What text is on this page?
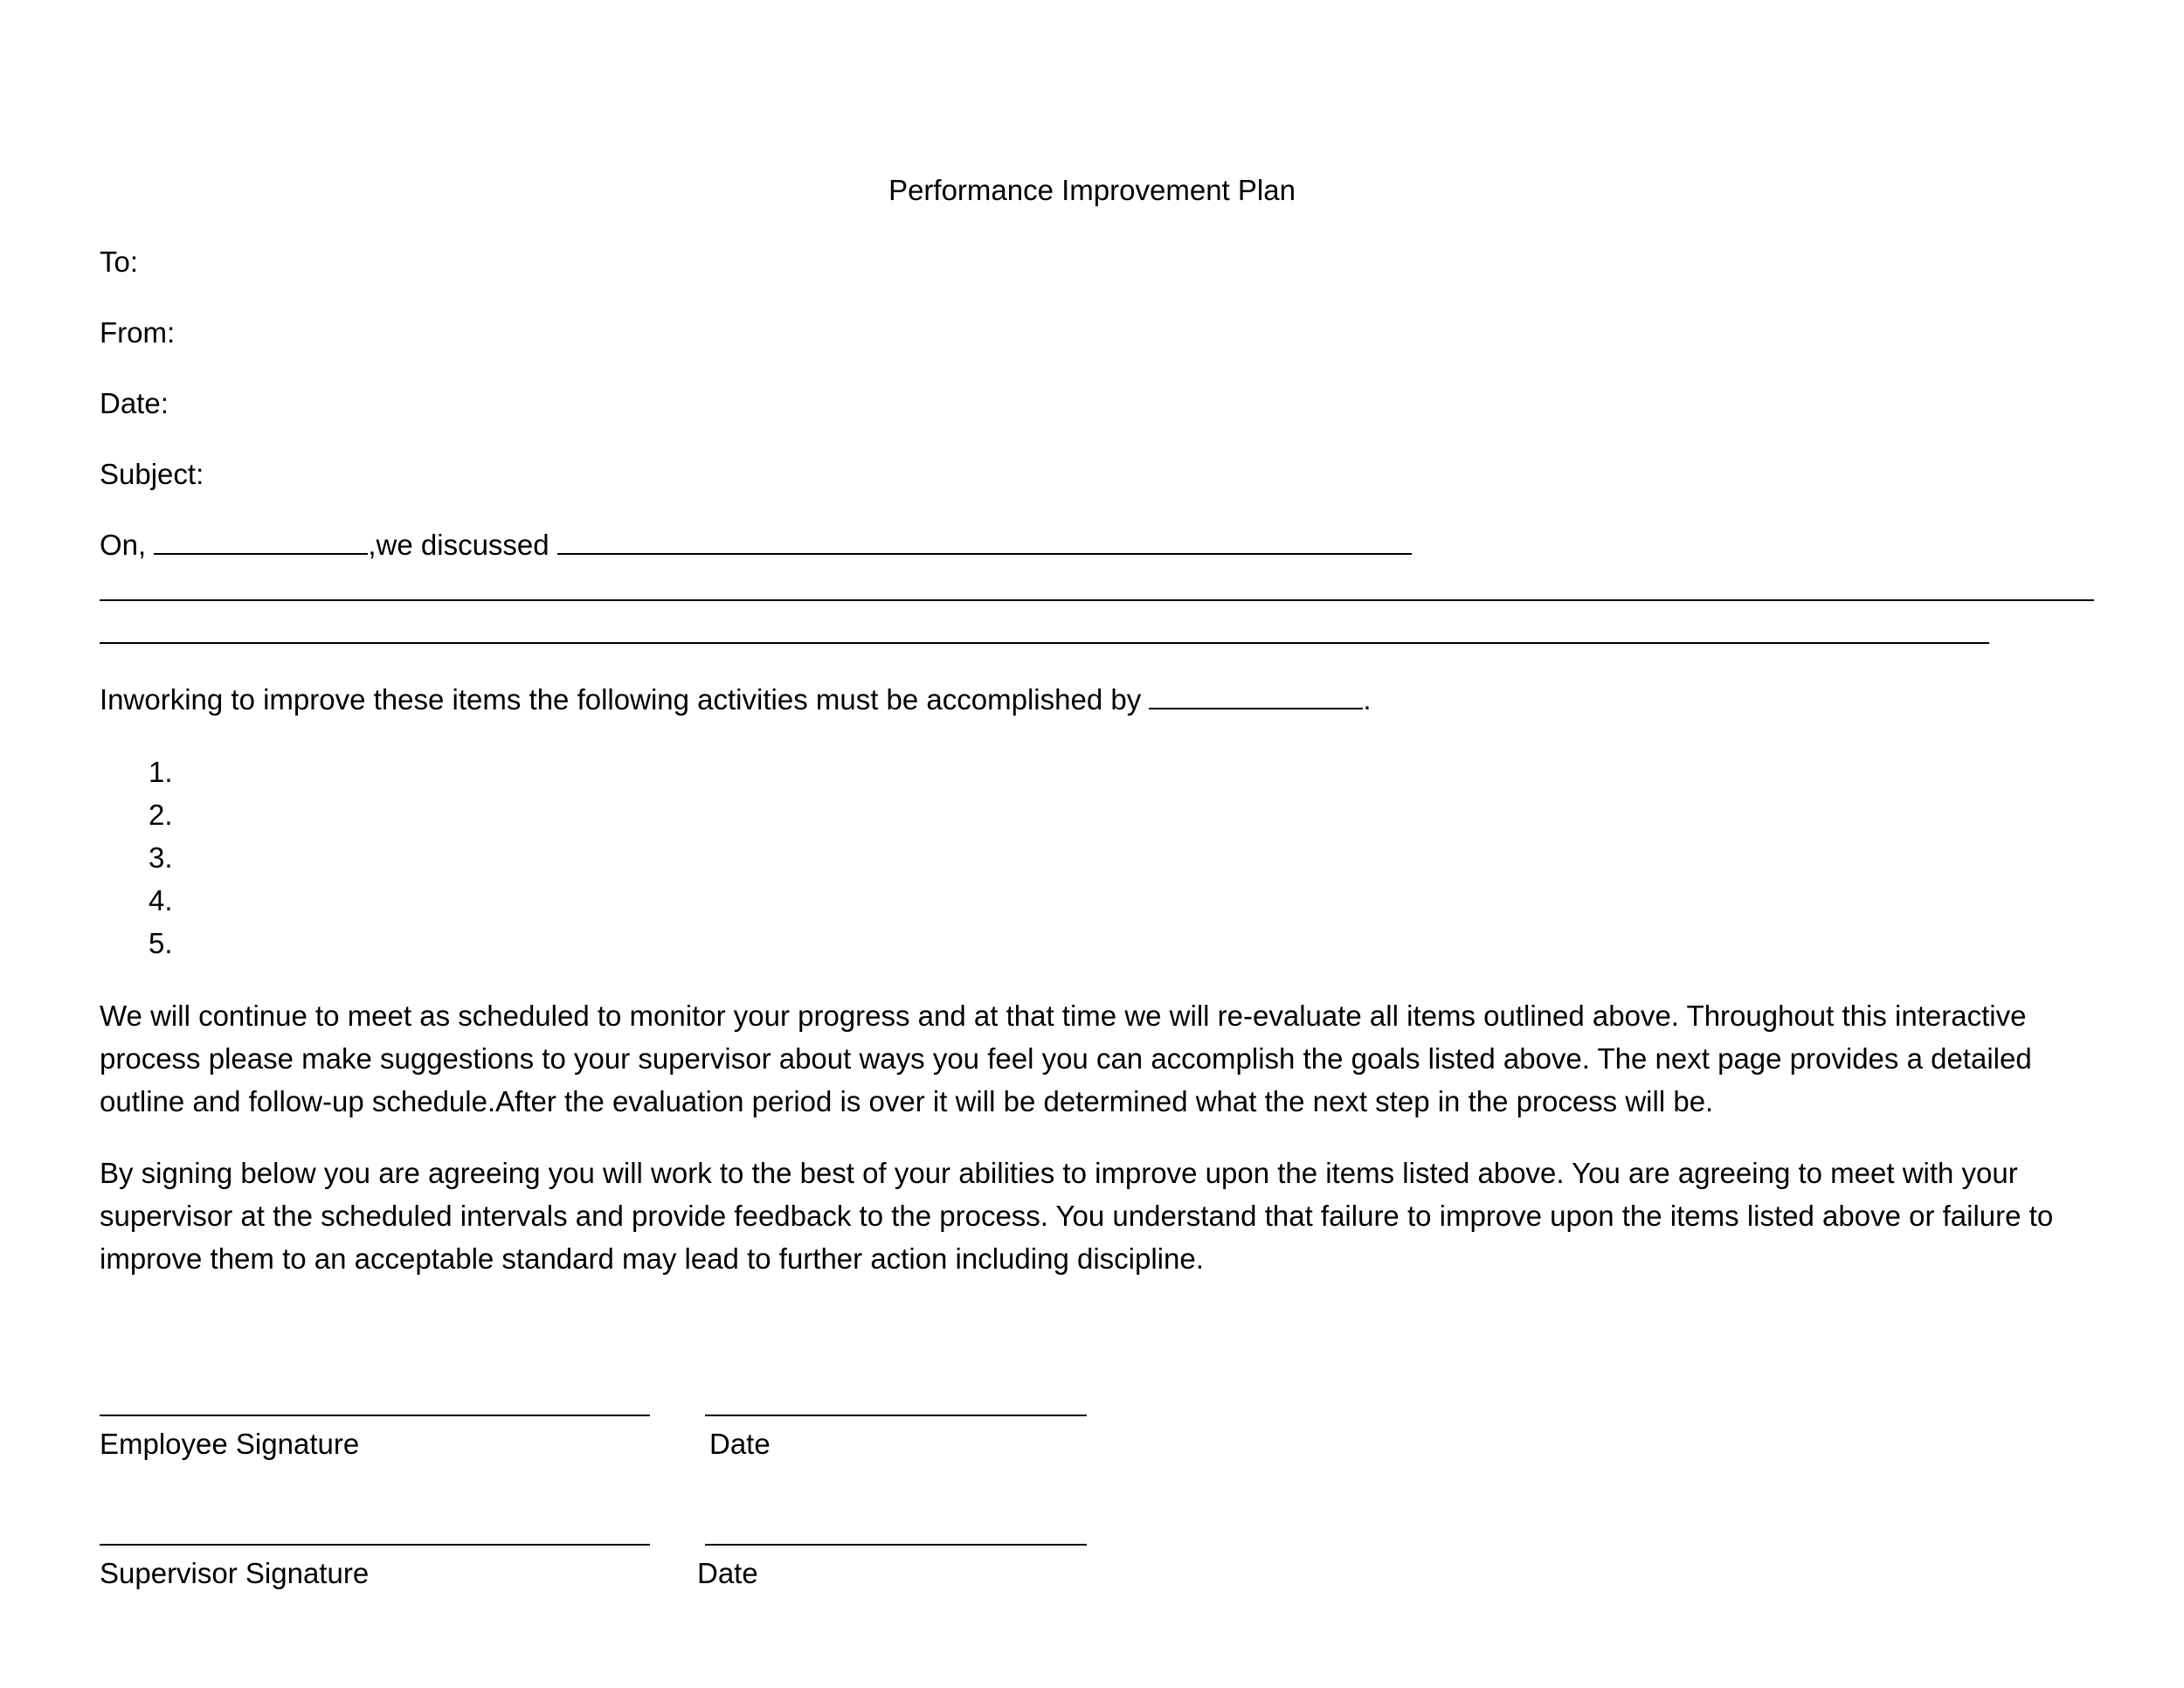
Performance Improvement Plan
To:
From:
Date:
Subject:
On,	,we discussed
Inworking to improve these items the following activities must be accomplished by	.
1.
2.
3.
4.
5.
We will continue to meet as scheduled to monitor your progress and at that time we will re-evaluate all items outlined above. Throughout this interactive process please make suggestions to your supervisor about ways you feel you can accomplish the goals listed above. The next page provides a detailed outline and follow-up schedule.After the evaluation period is over it will be determined what the next step in the process will be.
By signing below you are agreeing you will work to the best of your abilities to improve upon the items listed above. You are agreeing to meet with your supervisor at the scheduled intervals and provide feedback to the process. You understand that failure to improve upon the items listed above or failure to improve them to an acceptable standard may lead to further action including discipline.
Employee Signature	Date
Supervisor Signature	Date
